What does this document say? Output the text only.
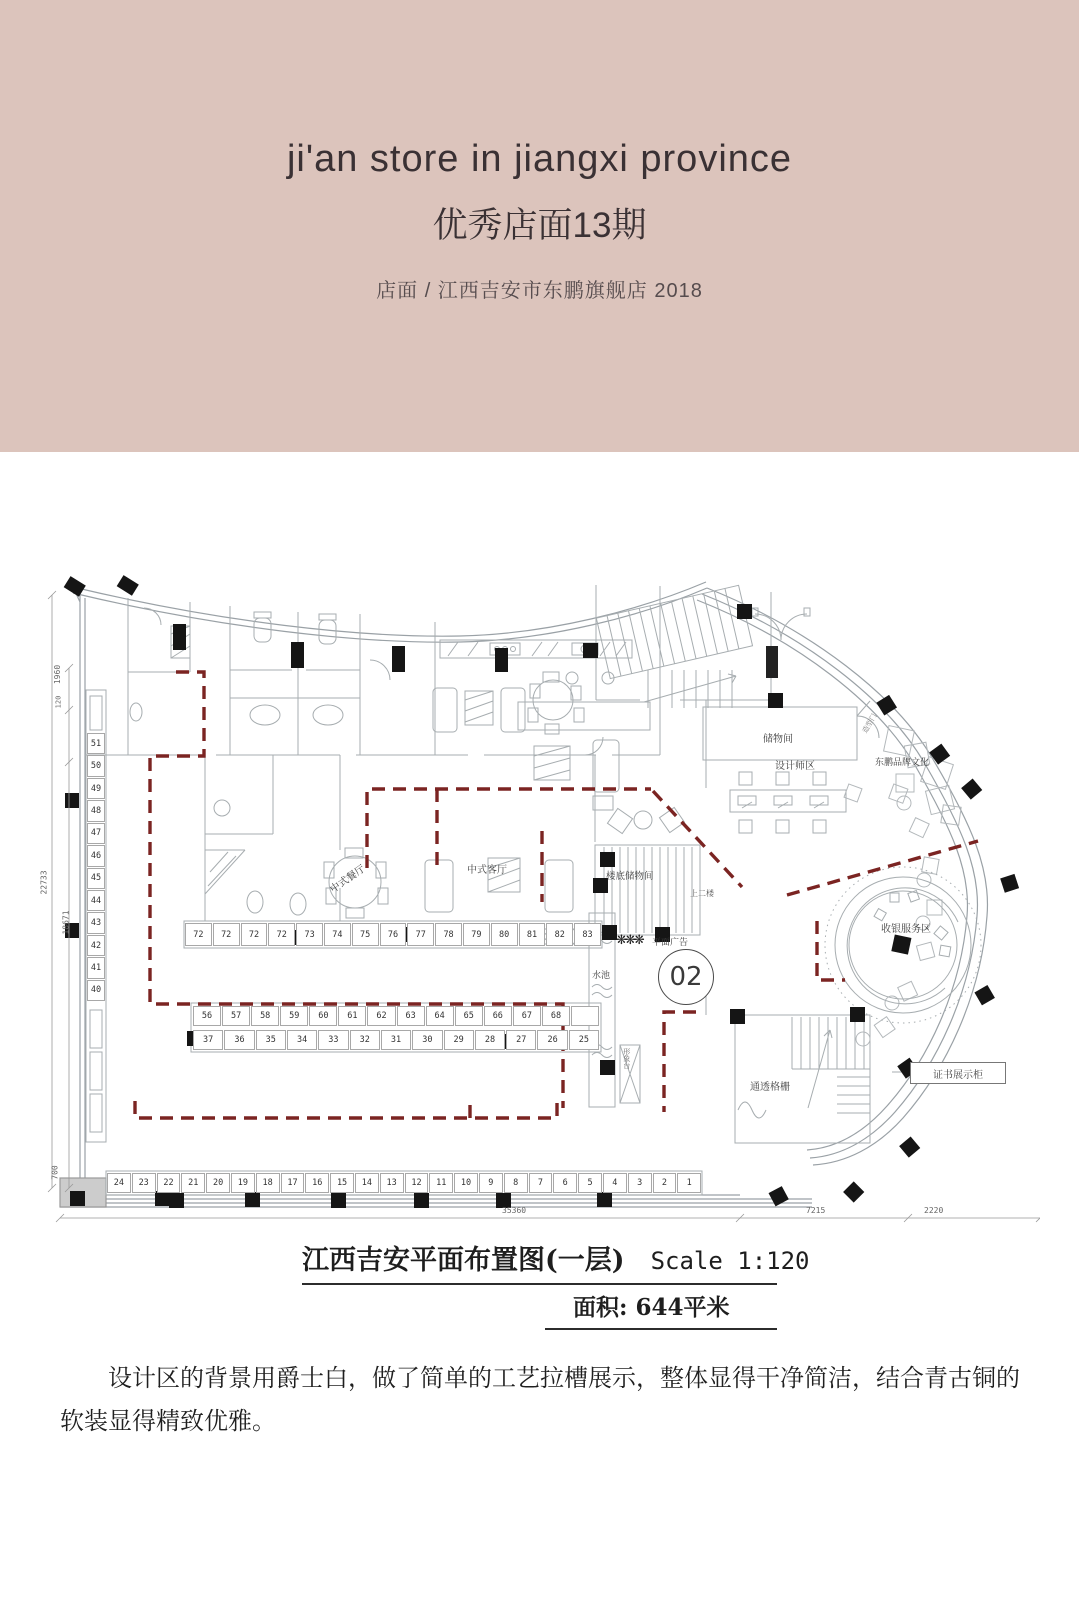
ji'an store in jiangxi province
优秀店面13期

店面 / 江西吉安市东鹏旗舰店 2018

储物间
设计师区	东鹏品牌文化
造型门
中式餐厅	中式客厅
楼底储物间
上二楼
平面广告
❋❋❋
02
水池
收银服务区
通透格栅
证书展示柜
形象台
22733
18671
1960
120
700
35360	7215	2220
51
50
49
48
47
46
45
44
43
42
41
40
72	72	72	72	73	74	75	76	77	78	79	80	81	82	83
56	57	58	59	60	61	62	63	64	65	66	67	68
37	36	35	34	33	32	31	30	29	28	27	26	25
24	23	22	21	20	19	18	17	16	15	14	13	12	11	10	9	8	7	6	5	4	3	2	1
江西吉安平面布置图(一层) Scale 1:120
面积: 644平米

设计区的背景用爵士白，做了简单的工艺拉槽展示，整体显得干净简洁，结合青古铜的软装显得精致优雅。
